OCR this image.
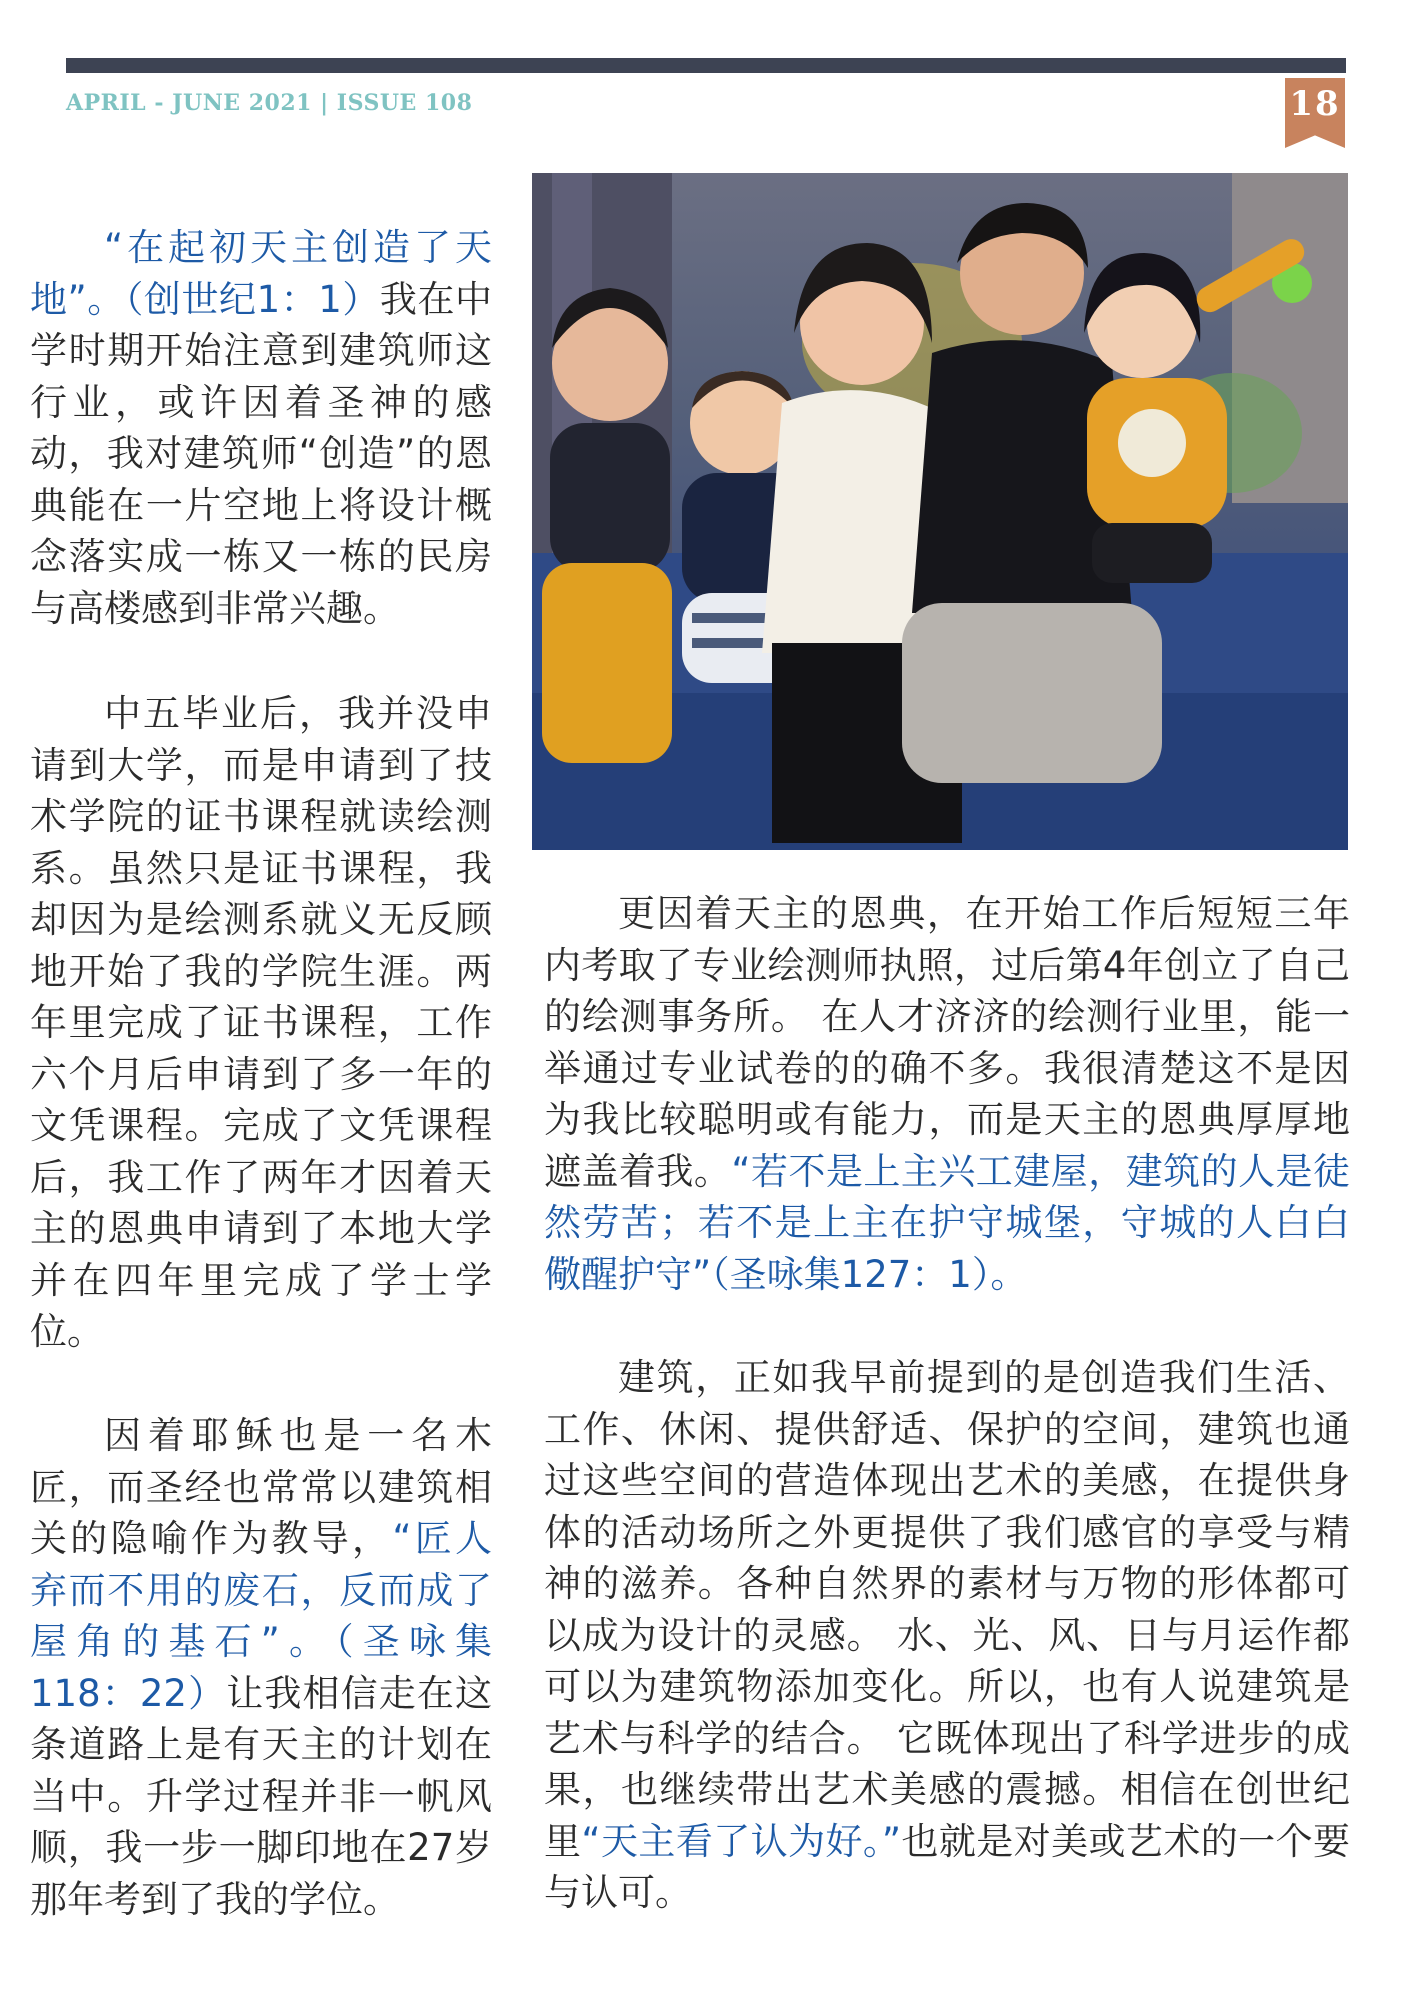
APRIL - JUNE 2021 | ISSUE 108	18

“在起初天主创造了天地”。（创世纪1：1）我在中学时期开始注意到建筑师这行业，或许因着圣神的感动，我对建筑师“创造”的恩典能在一片空地上将设计概念落实成一栋又一栋的民房与高楼感到非常兴趣。

中五毕业后，我并没申请到大学，而是申请到了技术学院的证书课程就读绘测系。虽然只是证书课程，我却因为是绘测系就义无反顾地开始了我的学院生涯。两年里完成了证书课程，工作六个月后申请到了多一年的文凭课程。完成了文凭课程后，我工作了两年才因着天主的恩典申请到了本地大学并在四年里完成了学士学位。

因着耶稣也是一名木匠，而圣经也常常以建筑相关的隐喻作为教导，“匠人弃而不用的废石，反而成了屋角的基石”。（圣咏集118：22）让我相信走在这条道路上是有天主的计划在当中。升学过程并非一帆风顺，我一步一脚印地在27岁那年考到了我的学位。

更因着天主的恩典，在开始工作后短短三年内考取了专业绘测师执照，过后第4年创立了自己的绘测事务所。 在人才济济的绘测行业里，能一举通过专业试卷的的确不多。我很清楚这不是因为我比较聪明或有能力，而是天主的恩典厚厚地遮盖着我。“若不是上主兴工建屋，建筑的人是徒然劳苦；若不是上主在护守城堡，守城的人白白儆醒护守”（圣咏集127：1）。

建筑，正如我早前提到的是创造我们生活、工作、休闲、提供舒适、保护的空间，建筑也通过这些空间的营造体现出艺术的美感，在提供身体的活动场所之外更提供了我们感官的享受与精神的滋养。各种自然界的素材与万物的形体都可以成为设计的灵感。 水、光、风、日与月运作都可以为建筑物添加变化。所以，也有人说建筑是艺术与科学的结合。 它既体现出了科学进步的成果，也继续带出艺术美感的震撼。相信在创世纪里“天主看了认为好。”也就是对美或艺术的一个要与认可。
